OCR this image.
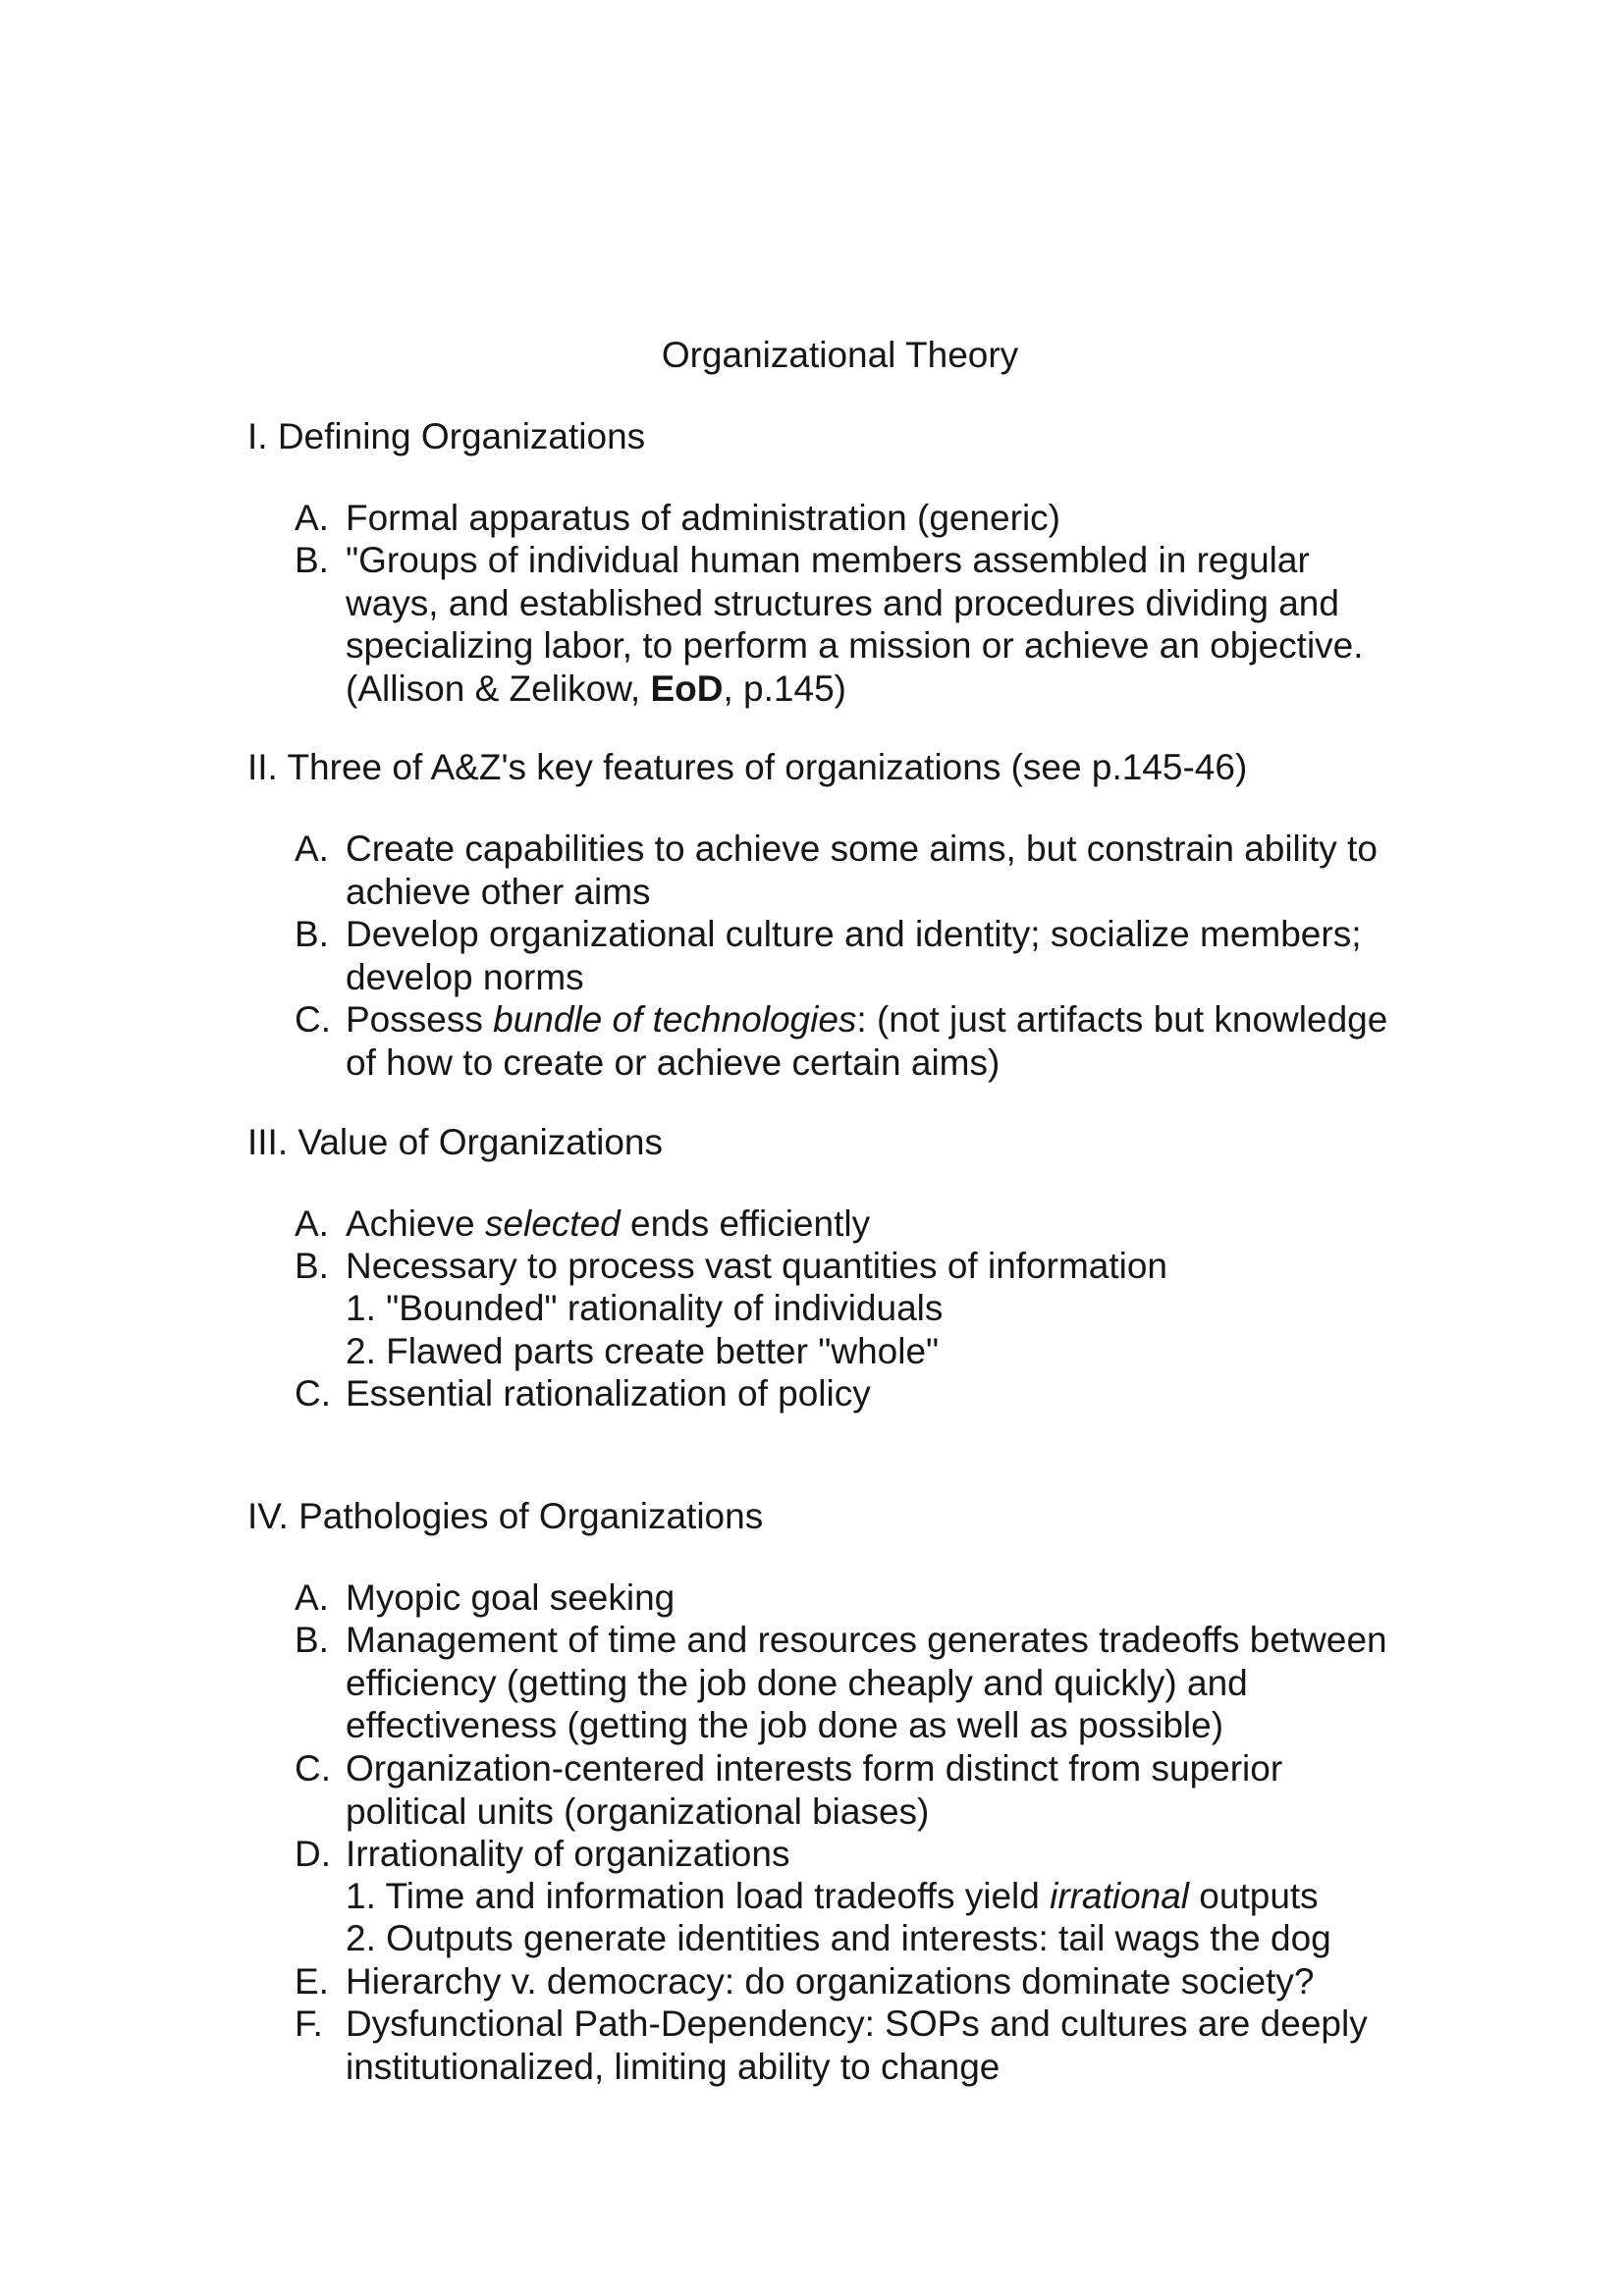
Organizational Theory
I. Defining Organizations
A. Formal apparatus of administration (generic)
B. "Groups of individual human members assembled in regular
ways, and established structures and procedures dividing and
specializing labor, to perform a mission or achieve an objective.
(Allison & Zelikow, EoD, p.145)
II. Three of A&Z's key features of organizations (see p.145-46)
A. Create capabilities to achieve some aims, but constrain ability to
achieve other aims
B. Develop organizational culture and identity; socialize members;
develop norms
C. Possess bundle of technologies: (not just artifacts but knowledge
of how to create or achieve certain aims)
III. Value of Organizations
A. Achieve selected ends efficiently
B. Necessary to process vast quantities of information
1. "Bounded" rationality of individuals
2. Flawed parts create better "whole"
C. Essential rationalization of policy
IV. Pathologies of Organizations
A. Myopic goal seeking
B. Management of time and resources generates tradeoffs between
efficiency (getting the job done cheaply and quickly) and
effectiveness (getting the job done as well as possible)
C. Organization-centered interests form distinct from superior
political units (organizational biases)
D. Irrationality of organizations
1. Time and information load tradeoffs yield irrational outputs
2. Outputs generate identities and interests: tail wags the dog
E. Hierarchy v. democracy: do organizations dominate society?
F. Dysfunctional Path-Dependency: SOPs and cultures are deeply
institutionalized, limiting ability to change
